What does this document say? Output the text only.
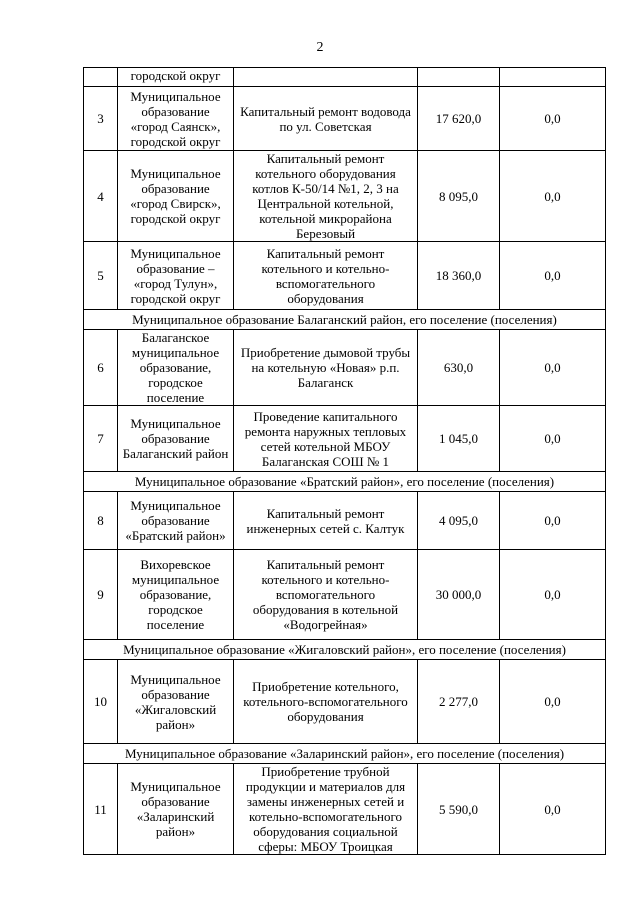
2
	городской округ			
3	Муниципальное образование «город Саянск», городской округ	Капитальный ремонт водовода по ул. Советская	17 620,0	0,0
4	Муниципальное образование «город Свирск», городской округ	Капитальный ремонт котельного оборудования котлов К-50/14 №1, 2, 3 на Центральной котельной, котельной микрорайона Березовый	8 095,0	0,0
5	Муниципальное образование – «город Тулун», городской округ	Капитальный ремонт котельного и котельно-вспомогательного оборудования	18 360,0	0,0
Муниципальное образование Балаганский район, его поселение (поселения)				
6	Балаганское муниципальное образование, городское поселение	Приобретение дымовой трубы на котельную «Новая» р.п. Балаганск	630,0	0,0
7	Муниципальное образование Балаганский район	Проведение капитального ремонта наружных тепловых сетей котельной МБОУ Балаганская СОШ № 1	1 045,0	0,0
Муниципальное образование «Братский район», его поселение (поселения)				
8	Муниципальное образование «Братский район»	Капитальный ремонт инженерных сетей с. Калтук	4 095,0	0,0
9	Вихоревское муниципальное образование, городское поселение	Капитальный ремонт котельного и котельно-вспомогательного оборудования в котельной «Водогрейная»	30 000,0	0,0
Муниципальное образование «Жигаловский район», его поселение (поселения)				
10	Муниципальное образование «Жигаловский район»	Приобретение котельного, котельного-вспомогательного оборудования	2 277,0	0,0
Муниципальное образование «Заларинский район», его поселение (поселения)				
11	Муниципальное образование «Заларинский район»	Приобретение трубной продукции и материалов для замены инженерных сетей и котельно-вспомогательного оборудования социальной сферы: МБОУ Троицкая	5 590,0	0,0
